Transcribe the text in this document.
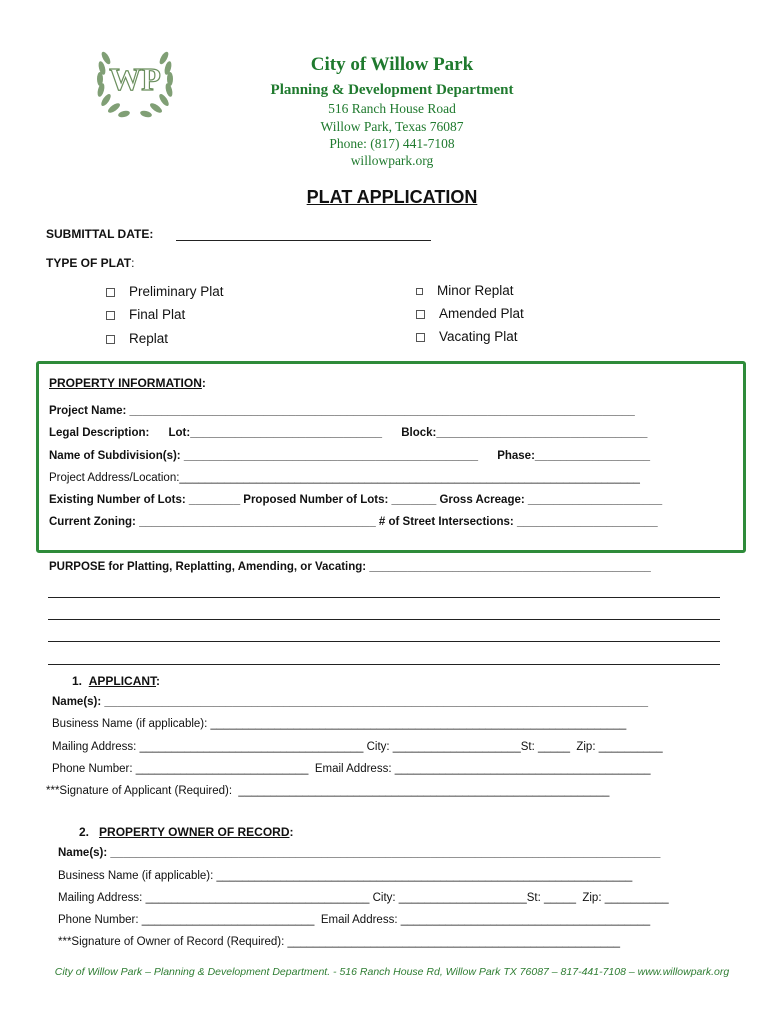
WP	City of Willow Park
Planning & Development Department
516 Ranch House Road
Willow Park, Texas 76087
Phone: (817) 441-7108
willowpark.org
PLAT APPLICATION
SUBMITTAL DATE:
TYPE OF PLAT:
Preliminary Plat
Final Plat
Replat
Minor Replat
Amended Plat
Vacating Plat
PROPERTY INFORMATION:
Project Name: _______________________________________________________________________________
Legal Description:      Lot:______________________________      Block:_________________________________
Name of Subdivision(s): ______________________________________________      Phase:__________________
Project Address/Location:________________________________________________________________________
Existing Number of Lots: ________ Proposed Number of Lots: _______ Gross Acreage: _____________________
Current Zoning: _____________________________________ # of Street Intersections: ______________________
PURPOSE for Platting, Replatting, Amending, or Vacating: ____________________________________________
1. APPLICANT:
Name(s): _____________________________________________________________________________________
Business Name (if applicable): _________________________________________________________________
Mailing Address: ___________________________________ City: ____________________St: _____  Zip: __________
Phone Number: ___________________________  Email Address: ________________________________________
***Signature of Applicant (Required):  __________________________________________________________
2. PROPERTY OWNER OF RECORD:
Name(s): ______________________________________________________________________________________
Business Name (if applicable): _________________________________________________________________
Mailing Address: ___________________________________ City: ____________________St: _____  Zip: __________
Phone Number: ___________________________  Email Address: _______________________________________
***Signature of Owner of Record (Required): ____________________________________________________
City of Willow Park – Planning & Development Department. - 516 Ranch House Rd, Willow Park TX 76087 – 817-441-7108 – www.willowpark.org
